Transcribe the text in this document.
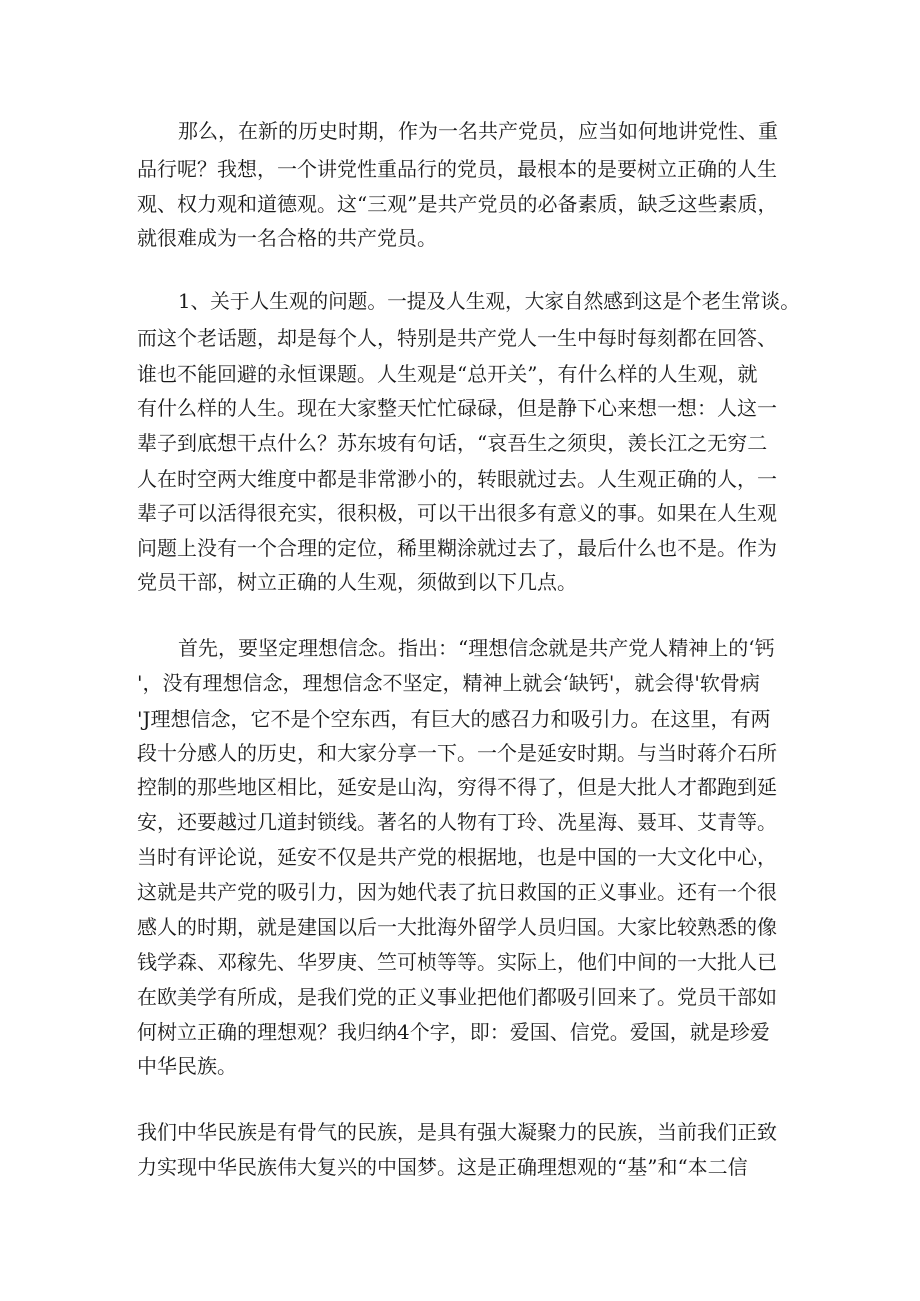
那么，在新的历史时期，作为一名共产党员，应当如何地讲党性、重
品行呢？我想，一个讲党性重品行的党员，最根本的是要树立正确的人生
观、权力观和道德观。这“三观”是共产党员的必备素质，缺乏这些素质，
就很难成为一名合格的共产党员。
1、关于人生观的问题。一提及人生观，大家自然感到这是个老生常谈。
而这个老话题，却是每个人，特别是共产党人一生中每时每刻都在回答、
谁也不能回避的永恒课题。人生观是“总开关”，有什么样的人生观，就
有什么样的人生。现在大家整天忙忙碌碌，但是静下心来想一想：人这一
辈子到底想干点什么？苏东坡有句话，“哀吾生之须臾，羡长江之无穷二
人在时空两大维度中都是非常渺小的，转眼就过去。人生观正确的人，一
辈子可以活得很充实，很积极，可以干出很多有意义的事。如果在人生观
问题上没有一个合理的定位，稀里糊涂就过去了，最后什么也不是。作为
党员干部，树立正确的人生观，须做到以下几点。
首先，要坚定理想信念。指出：“理想信念就是共产党人精神上的‘钙
'，没有理想信念，理想信念不坚定，精神上就会‘缺钙'，就会得'软骨病
'J理想信念，它不是个空东西，有巨大的感召力和吸引力。在这里，有两
段十分感人的历史，和大家分享一下。一个是延安时期。与当时蒋介石所
控制的那些地区相比，延安是山沟，穷得不得了，但是大批人才都跑到延
安，还要越过几道封锁线。著名的人物有丁玲、冼星海、聂耳、艾青等。
当时有评论说，延安不仅是共产党的根据地，也是中国的一大文化中心，
这就是共产党的吸引力，因为她代表了抗日救国的正义事业。还有一个很
感人的时期，就是建国以后一大批海外留学人员归国。大家比较熟悉的像
钱学森、邓稼先、华罗庚、竺可桢等等。实际上，他们中间的一大批人已
在欧美学有所成，是我们党的正义事业把他们都吸引回来了。党员干部如
何树立正确的理想观？我归纳4个字，即：爱国、信党。爱国，就是珍爱
中华民族。
我们中华民族是有骨气的民族，是具有强大凝聚力的民族，当前我们正致
力实现中华民族伟大复兴的中国梦。这是正确理想观的“基”和“本二信
